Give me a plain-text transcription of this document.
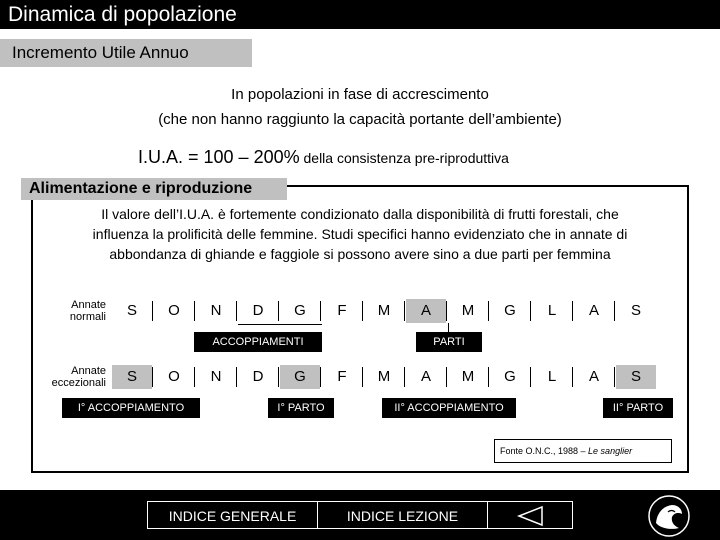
Dinamica di popolazione
Incremento Utile Annuo
In popolazioni in fase di accrescimento
(che non hanno raggiunto la capacità portante dell’ambiente)
I.U.A. = 100 – 200% della consistenza pre-riproduttiva
Alimentazione e riproduzione
Il valore dell’I.U.A. è fortemente condizionato dalla disponibilità di frutti forestali, che
influenza la prolificità delle femmine. Studi specifici hanno evidenziato che in annate di
abbondanza di ghiande e faggiole si possono avere sino a due parti per femmina
Annate
normali
Annate
eccezionali
S	O	N	D	G	F	M	A	M	G	L	A	S
ACCOPPIAMENTI	PARTI
S	O	N	D	G	F	M	A	M	G	L	A	S
I° ACCOPPIAMENTO	I° PARTO	II° ACCOPPIAMENTO	II° PARTO
Fonte O.N.C., 1988 – Le sanglier
INDICE GENERALE	INDICE LEZIONE
